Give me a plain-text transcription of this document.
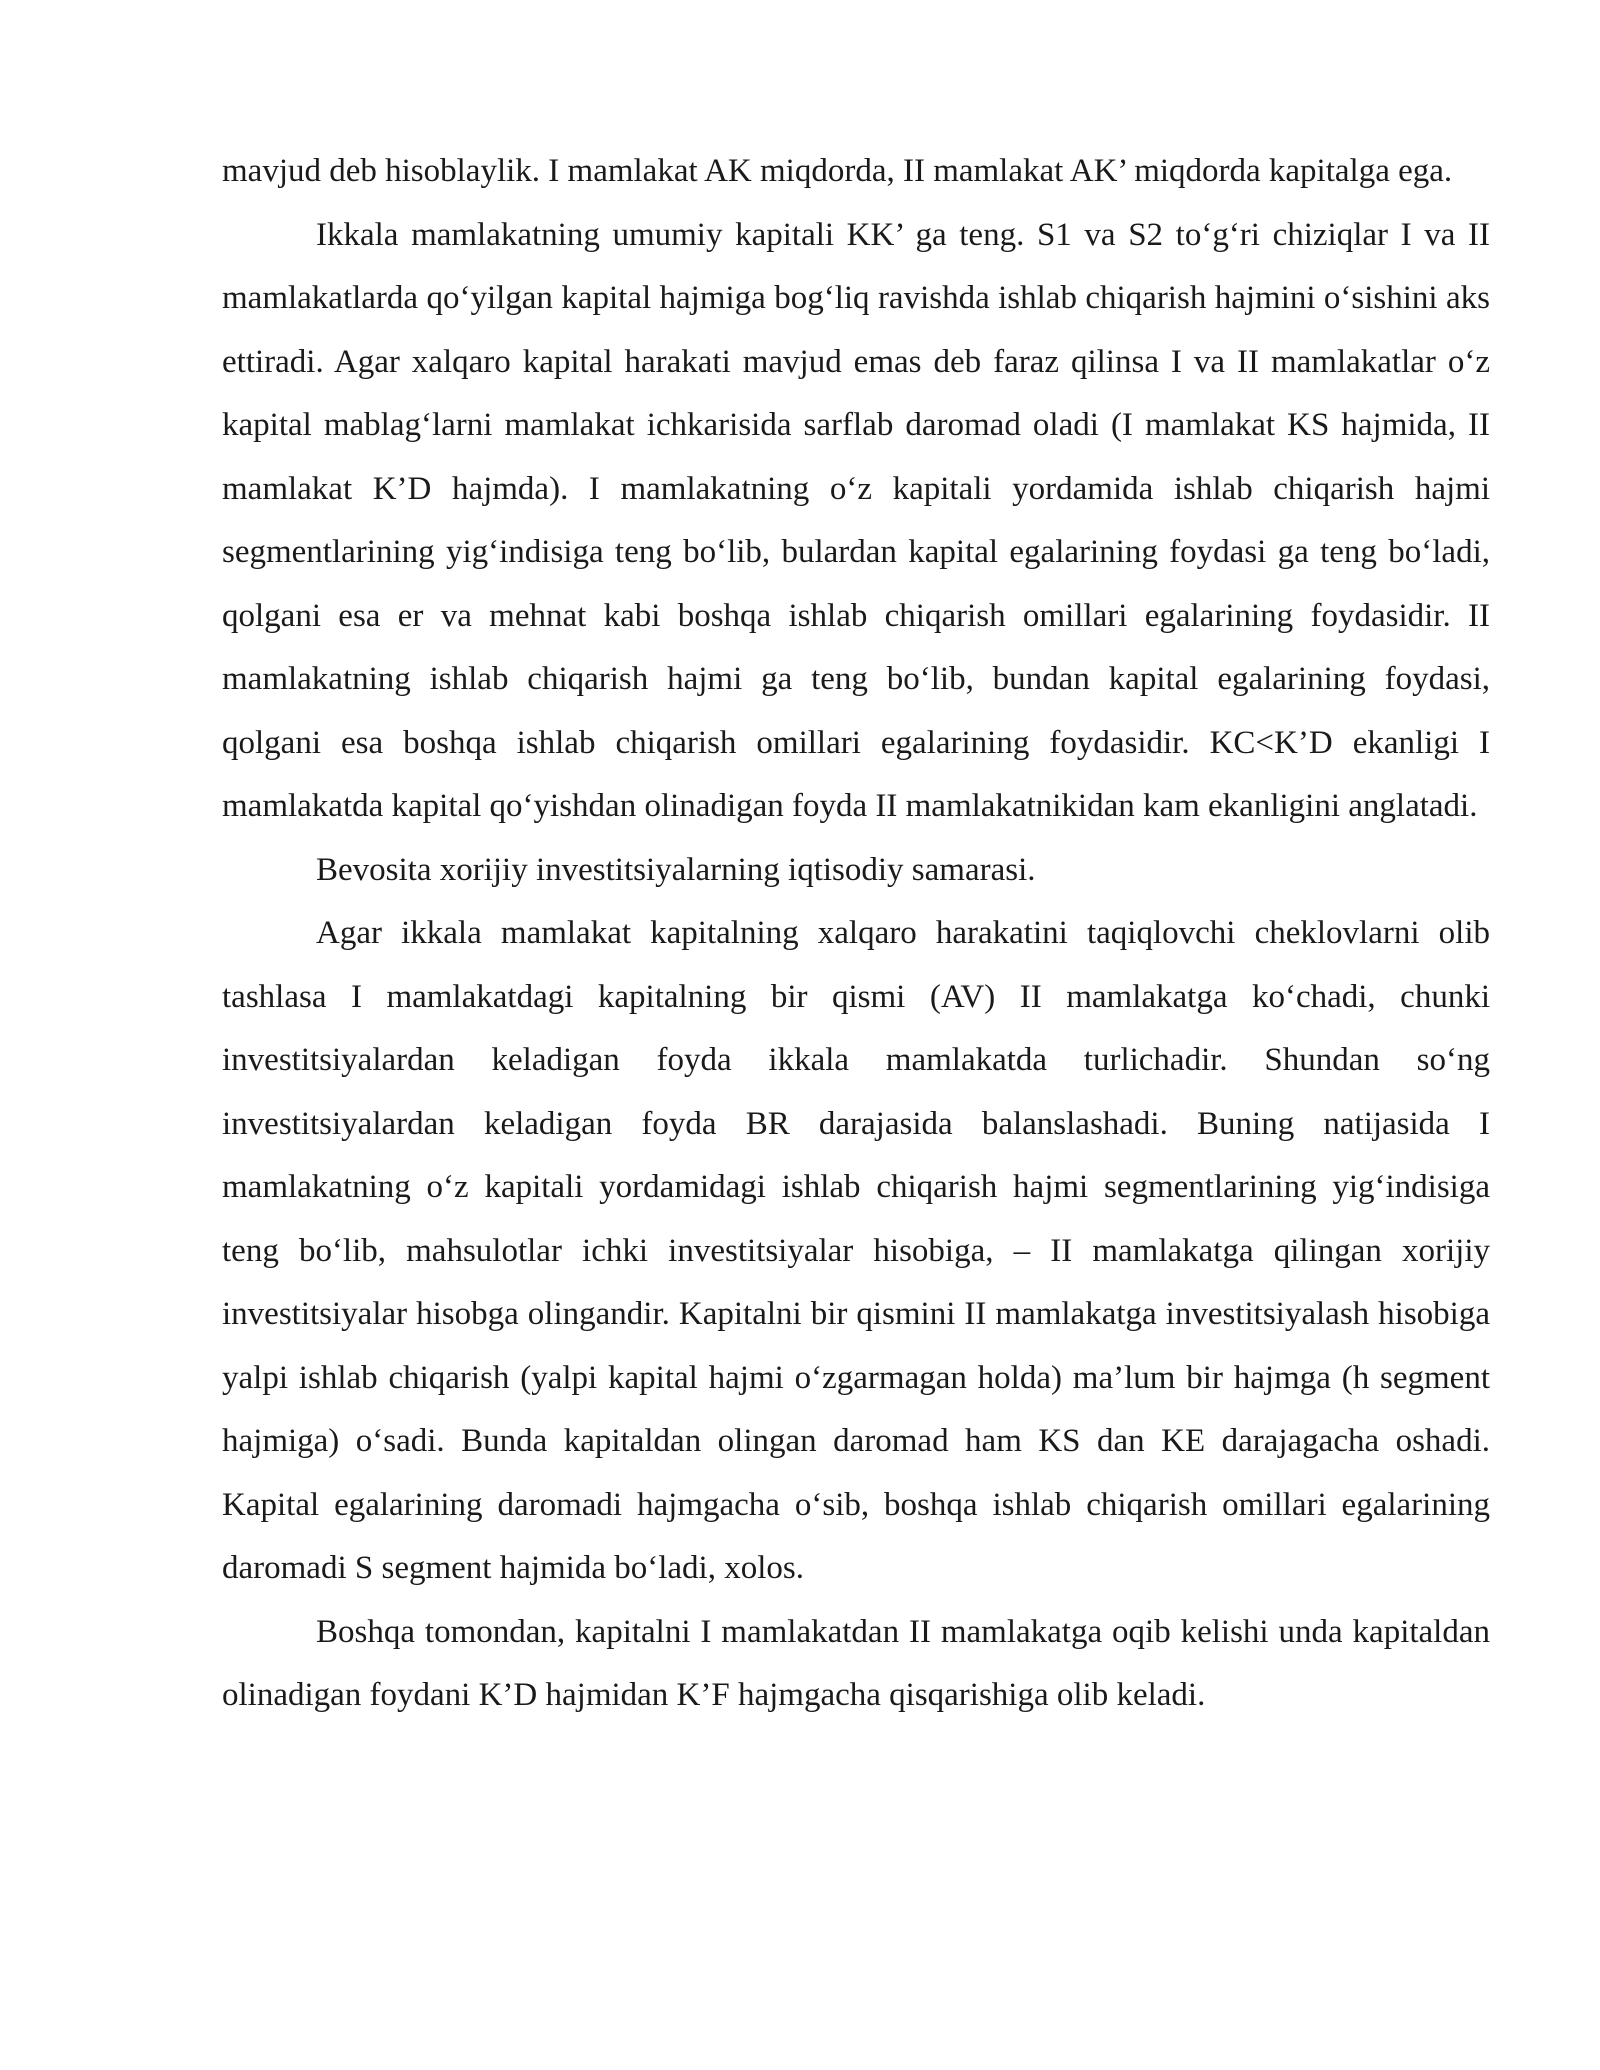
mavjud deb hisoblaylik. I mamlakat AK miqdorda, II mamlakat AK’ miqdorda kapitalga ega.

Ikkala mamlakatning umumiy kapitali KK’ ga teng. S1 va S2 to‘g‘ri chiziqlar I va II mamlakatlarda qo‘yilgan kapital hajmiga bog‘liq ravishda ishlab chiqarish hajmini o‘sishini aks ettiradi. Agar xalqaro kapital harakati mavjud emas deb faraz qilinsa I va II mamlakatlar o‘z kapital mablag‘larni mamlakat ichkarisida sarflab daromad oladi (I mamlakat KS hajmida, II mamlakat K’D hajmda). I mamlakatning o‘z kapitali yordamida ishlab chiqarish hajmi segmentlarining yig‘indisiga teng bo‘lib, bulardan kapital egalarining foydasi ga teng bo‘ladi, qolgani esa er va mehnat kabi boshqa ishlab chiqarish omillari egalarining foydasidir. II mamlakatning ishlab chiqarish hajmi ga teng bo‘lib, bundan kapital egalarining foydasi, qolgani esa boshqa ishlab chiqarish omillari egalarining foydasidir. KC<K’D ekanligi I mamlakatda kapital qo‘yishdan olinadigan foyda II mamlakatnikidan kam ekanligini anglatadi.

Bevosita xorijiy investitsiyalarning iqtisodiy samarasi.

Agar ikkala mamlakat kapitalning xalqaro harakatini taqiqlovchi cheklovlarni olib tashlasa I mamlakatdagi kapitalning bir qismi (AV) II mamlakatga ko‘chadi, chunki investitsiyalardan keladigan foyda ikkala mamlakatda turlichadir. Shundan so‘ng investitsiyalardan keladigan foyda BR darajasida balanslashadi. Buning natijasida I mamlakatning o‘z kapitali yordamidagi ishlab chiqarish hajmi segmentlarining yig‘indisiga teng bo‘lib, mahsulotlar ichki investitsiyalar hisobiga, – II mamlakatga qilingan xorijiy investitsiyalar hisobga olingandir. Kapitalni bir qismini II mamlakatga investitsiyalash hisobiga yalpi ishlab chiqarish (yalpi kapital hajmi o‘zgarmagan holda) ma’lum bir hajmga (h segment hajmiga) o‘sadi. Bunda kapitaldan olingan daromad ham KS dan KE darajagacha oshadi. Kapital egalarining daromadi hajmgacha o‘sib, boshqa ishlab chiqarish omillari egalarining daromadi S segment hajmida bo‘ladi, xolos.

Boshqa tomondan, kapitalni I mamlakatdan II mamlakatga oqib kelishi unda kapitaldan olinadigan foydani K’D hajmidan K’F hajmgacha qisqarishiga olib keladi.
